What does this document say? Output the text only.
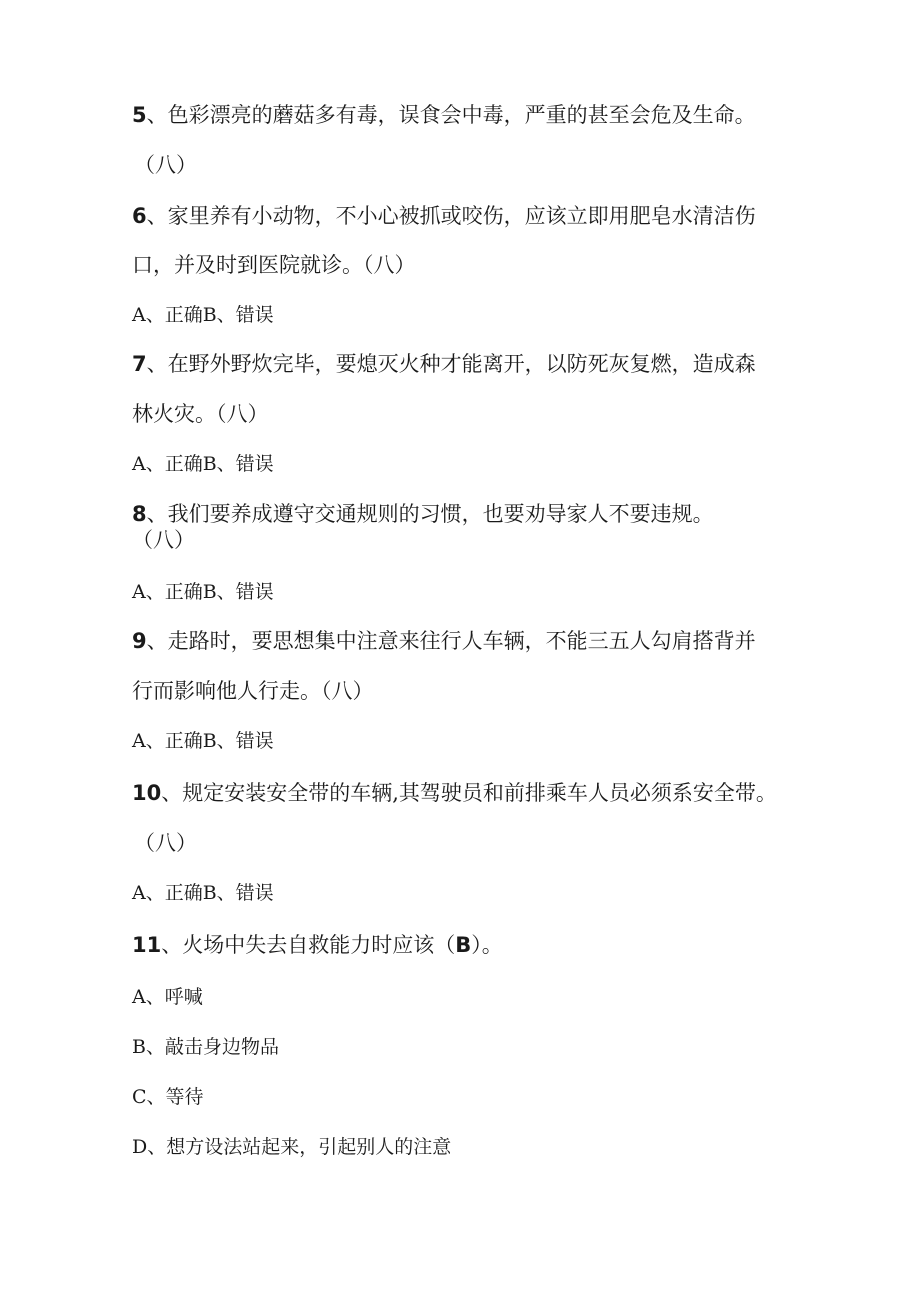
5、色彩漂亮的蘑菇多有毒，误食会中毒，严重的甚至会危及生命。
（八）
6、家里养有小动物，不小心被抓或咬伤，应该立即用肥皂水清洁伤
口，并及时到医院就诊。（八）
A、正确B、错误
7、在野外野炊完毕，要熄灭火种才能离开，以防死灰复燃，造成森
林火灾。（八）
A、正确B、错误
8、我们要养成遵守交通规则的习惯，也要劝导家人不要违规。
（八）
A、正确B、错误
9、走路时，要思想集中注意来往行人车辆，不能三五人勾肩搭背并
行而影响他人行走。（八）
A、正确B、错误
10、规定安装安全带的车辆,其驾驶员和前排乘车人员必须系安全带。
（八）
A、正确B、错误
11、火场中失去自救能力时应该（B）。
A、呼喊
B、敲击身边物品
C、等待
D、想方设法站起来，引起别人的注意
